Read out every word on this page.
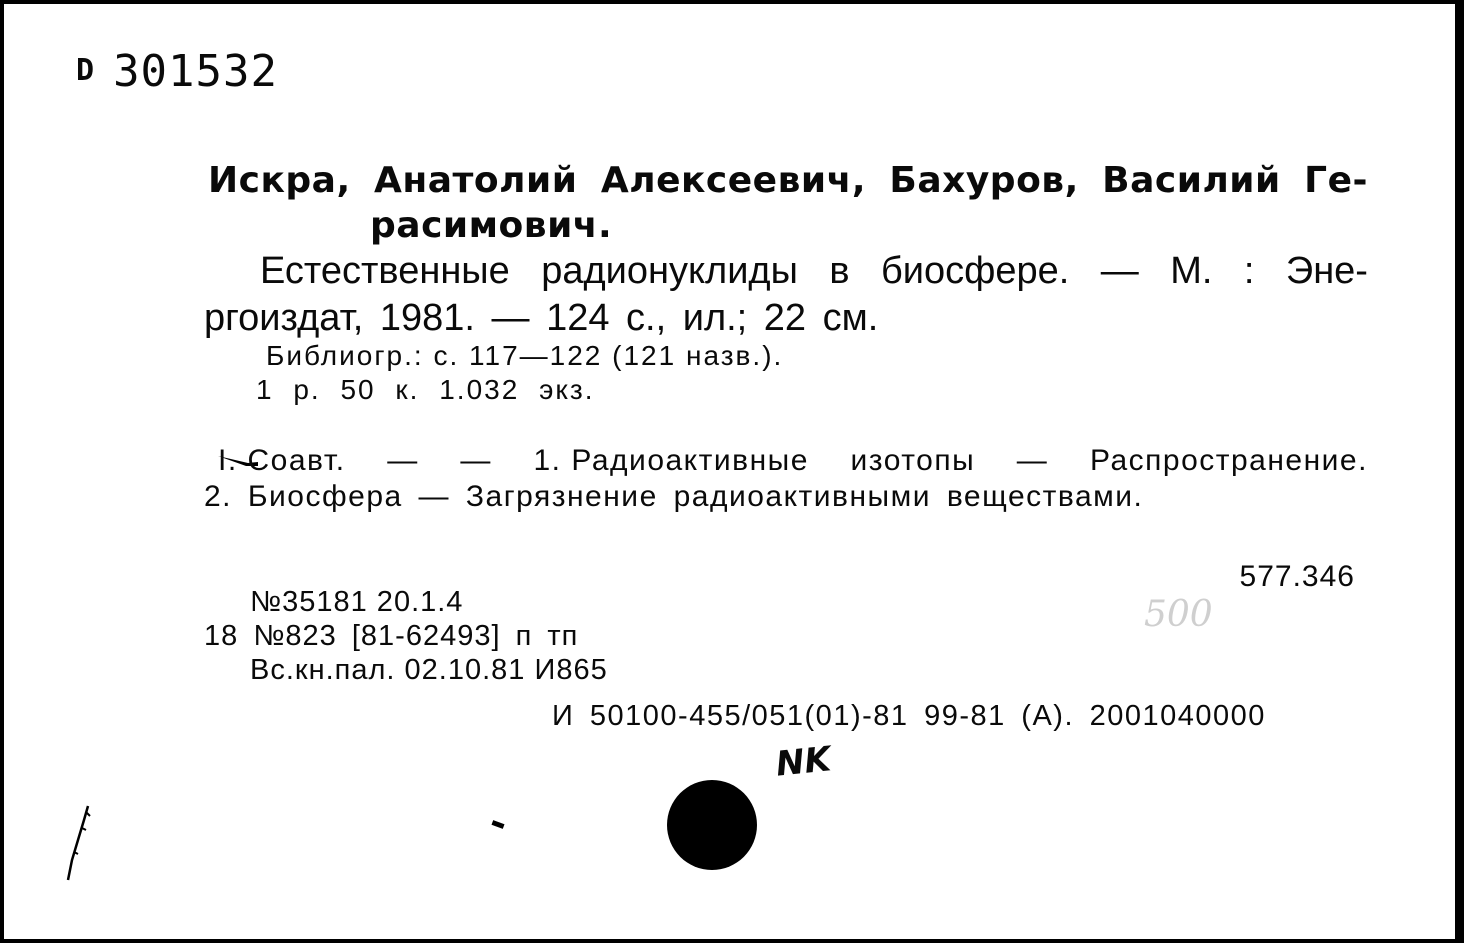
D 301532
Искра, Анатолий Алексеевич, Бахуров, Василий Ге-
расимович.
Естественные радионуклиды в биосфере. — М. : Эне-
ргоиздат, 1981. — 124 с., ил.; 22 см.
Библиогр.: с. 117—122 (121 назв.).
1 р. 50 к. 1.032 экз.
I. Соавт. — — 1. Радиоактивные изотопы — Распространение.
2. Биосфера — Загрязнение радиоактивными веществами.
577.346
500
№35181 20.1.4
18 №823 [81-62493] п тп
Вс.кн.пал. 02.10.81 И865
И 50100-455/051(01)-81 99-81 (А). 2001040000
NK
